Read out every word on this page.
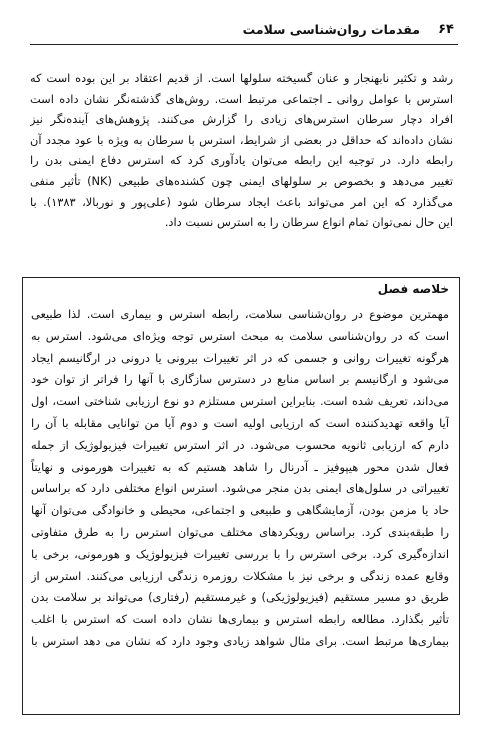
۶۴
مقدمات روان‌شناسی سلامت
رشد و تکثیر نابهنجار و عنان گسیخته سلولها است. از قدیم اعتقاد بر این بوده است که
استرس با عوامل روانی ـ اجتماعی مرتبط است. روش‌های گذشته‌نگر نشان داده است
افراد دچار سرطان استرس‌های زیادی را گزارش می‌کنند. پژوهش‌های آینده‌نگر نیز
نشان داده‌اند که حداقل در بعضی از شرایط، استرس با سرطان به ویژه با عود مجدد آن
رابطه دارد. در توجیه این رابطه می‌توان یادآوری کرد که استرس دفاع ایمنی بدن را
تغییر می‌دهد و بخصوص بر سلولهای ایمنی چون کشنده‌های طبیعی (NK) تأثیر منفی
می‌گذارد که این امر می‌تواند باعث ایجاد سرطان شود (علی‌پور و نوربالا، ۱۳۸۳). با
این حال نمی‌توان تمام انواع سرطان را به استرس نسبت داد.
خلاصه فصل
مهمترین موضوع در روان‌شناسی سلامت، رابطه استرس و بیماری است. لذا طبیعی
است که در روان‌شناسی سلامت به مبحث استرس توجه ویژه‌ای می‌شود. استرس به
هرگونه تغییرات روانی و جسمی که در اثر تغییرات بیرونی یا درونی در ارگانیسم ایجاد
می‌شود و ارگانیسم بر اساس منابع در دسترس سازگاری با آنها را فراتر از توان خود
می‌داند، تعریف شده است. بنابراین استرس مستلزم دو نوع ارزیابی شناختی است، اول
آیا واقعه تهدیدکننده است که ارزیابی اولیه است و دوم آیا من توانایی مقابله با آن را
دارم که ارزیابی ثانویه محسوب می‌شود. در اثر استرس تغییرات فیزیولوژیک از جمله
فعال شدن محور هیپوفیز ـ آدرنال را شاهد هستیم که به تغییرات هورمونی و نهایتاً
تغییراتی در سلول‌های ایمنی بدن منجر می‌شود. استرس انواع مختلفی دارد که براساس
حاد یا مزمن بودن، آزمایشگاهی و طبیعی و اجتماعی، محیطی و خانوادگی می‌توان آنها
را طبقه‌بندی کرد. براساس رویکردهای مختلف می‌توان استرس را به طرق متفاوتی
اندازه‌گیری کرد. برخی استرس را با بررسی تغییرات فیزیولوژیک و هورمونی، برخی با
وقایع عمده زندگی و برخی نیز با مشکلات روزمره زندگی ارزیابی می‌کنند. استرس از
طریق دو مسیر مستقیم (فیزیولوژیکی) و غیرمستقیم (رفتاری) می‌تواند بر سلامت بدن
تأثیر بگذارد. مطالعه رابطه استرس و بیماری‌ها نشان داده است که استرس با اغلب
بیماری‌ها مرتبط است. برای مثال شواهد زیادی وجود دارد که نشان می دهد استرس با
